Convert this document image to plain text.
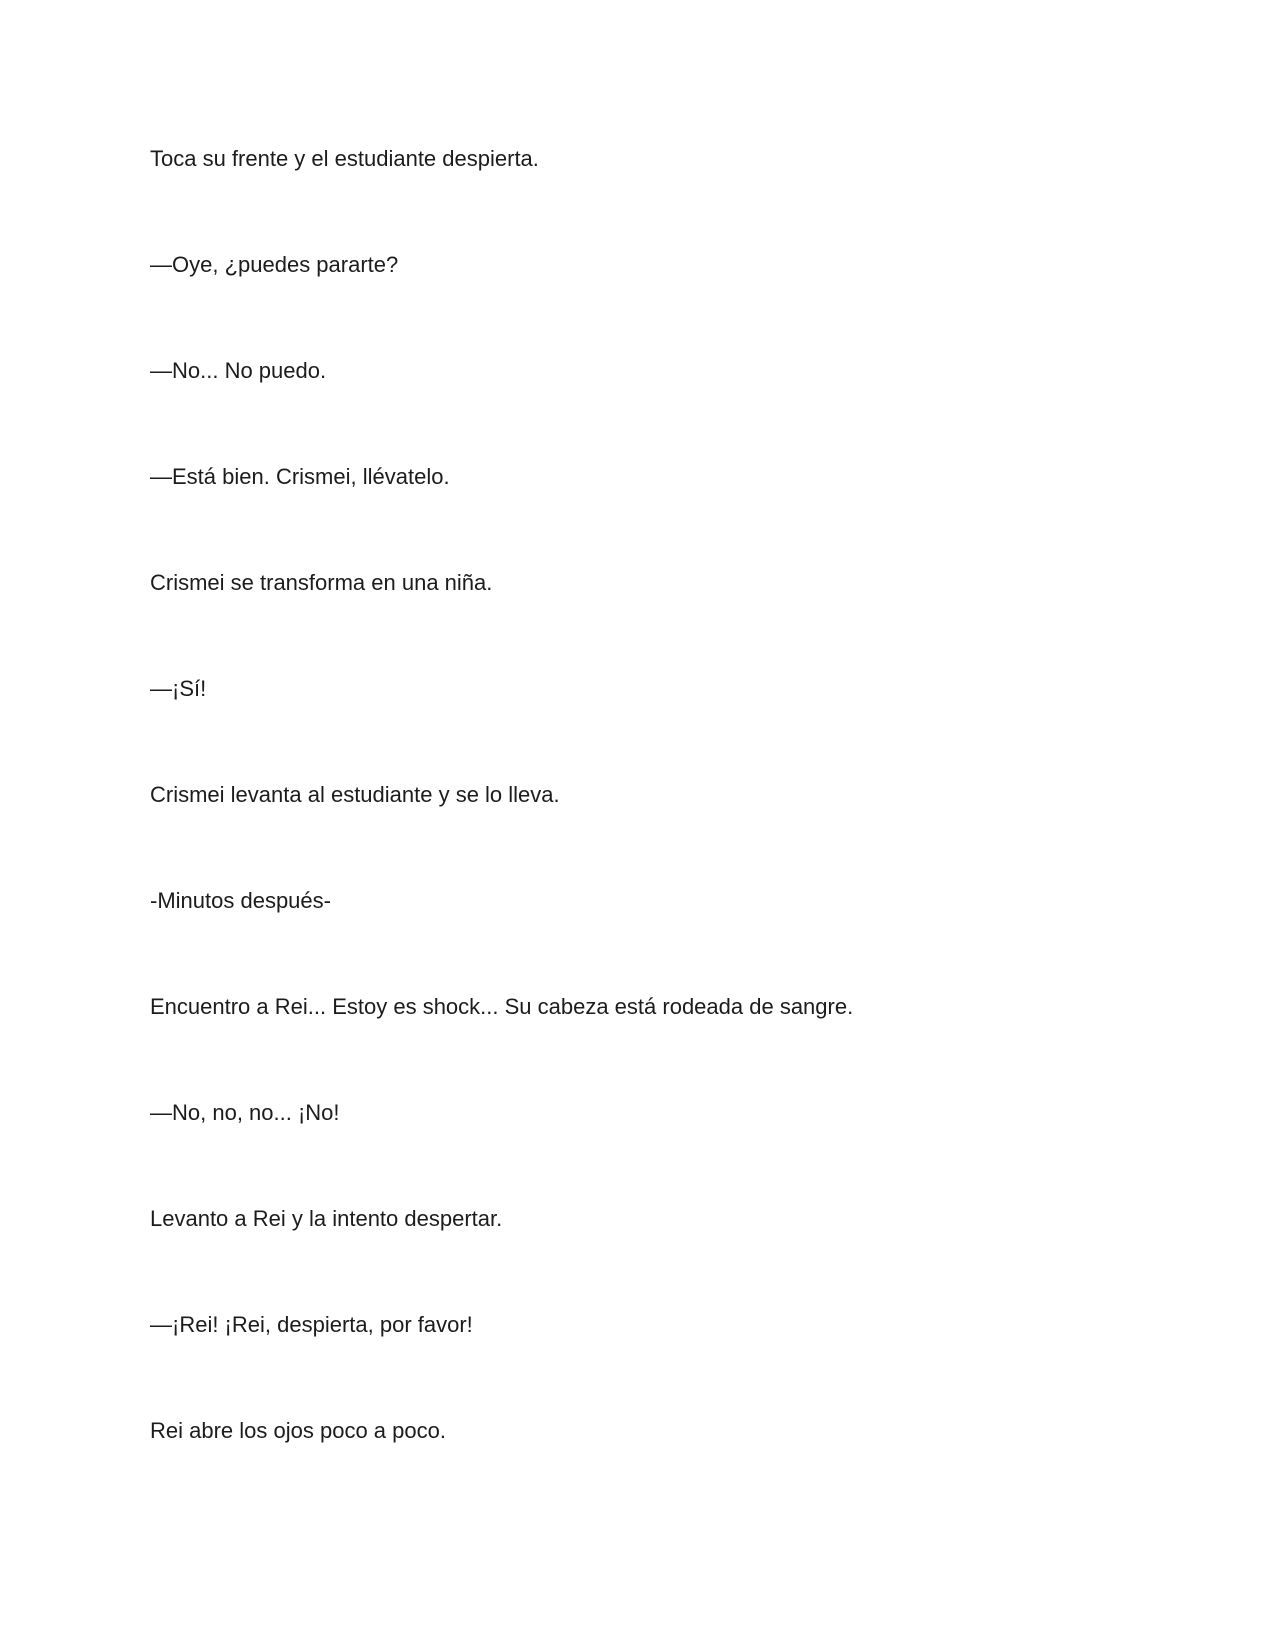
Toca su frente y el estudiante despierta.

—Oye, ¿puedes pararte?

—No... No puedo.

—Está bien. Crismei, llévatelo.

Crismei se transforma en una niña.

—¡Sí!

Crismei levanta al estudiante y se lo lleva.

-Minutos después-

Encuentro a Rei... Estoy es shock... Su cabeza está rodeada de sangre.

—No, no, no... ¡No!

Levanto a Rei y la intento despertar.

—¡Rei! ¡Rei, despierta, por favor!

Rei abre los ojos poco a poco.
